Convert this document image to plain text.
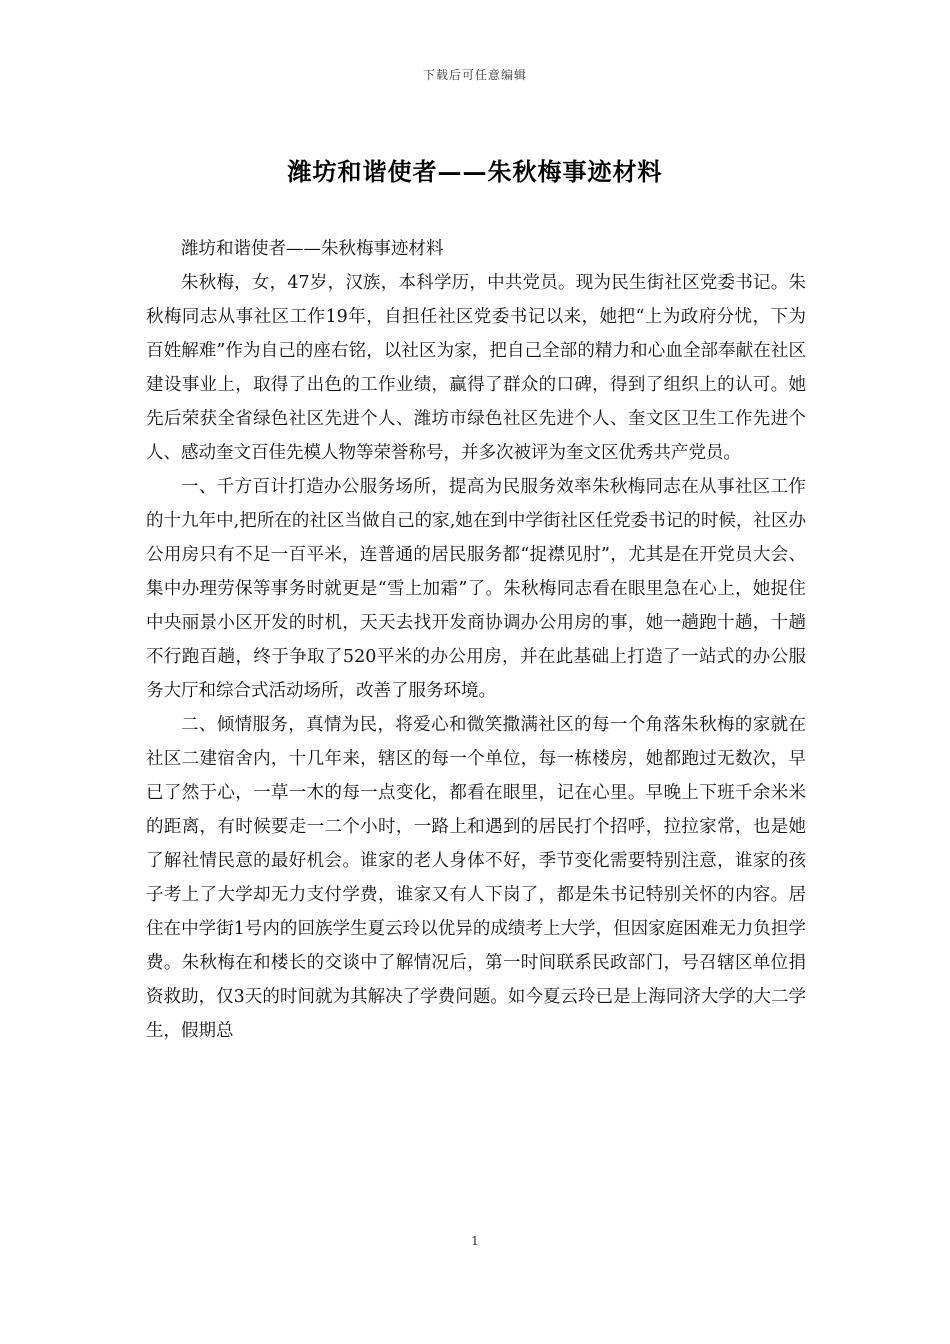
下载后可任意编辑
潍坊和谐使者——朱秋梅事迹材料

潍坊和谐使者——朱秋梅事迹材料

朱秋梅，女，47岁，汉族，本科学历，中共党员。现为民生街社区党委书记。朱秋梅同志从事社区工作19年，自担任社区党委书记以来，她把“上为政府分忧，下为百姓解难”作为自己的座右铭，以社区为家，把自己全部的精力和心血全部奉献在社区建设事业上，取得了出色的工作业绩，赢得了群众的口碑，得到了组织上的认可。她先后荣获全省绿色社区先进个人、潍坊市绿色社区先进个人、奎文区卫生工作先进个人、感动奎文百佳先模人物等荣誉称号，并多次被评为奎文区优秀共产党员。

一、千方百计打造办公服务场所，提高为民服务效率朱秋梅同志在从事社区工作的十九年中,把所在的社区当做自己的家,她在到中学街社区任党委书记的时候，社区办公用房只有不足一百平米，连普通的居民服务都“捉襟见肘”，尤其是在开党员大会、集中办理劳保等事务时就更是“雪上加霜”了。朱秋梅同志看在眼里急在心上，她捉住中央丽景小区开发的时机，天天去找开发商协调办公用房的事，她一趟跑十趟，十趟不行跑百趟，终于争取了520平米的办公用房，并在此基础上打造了一站式的办公服务大厅和综合式活动场所，改善了服务环境。

二、倾情服务，真情为民，将爱心和微笑撒满社区的每一个角落朱秋梅的家就在社区二建宿舍内，十几年来，辖区的每一个单位，每一栋楼房，她都跑过无数次，早已了然于心，一草一木的每一点变化，都看在眼里，记在心里。早晚上下班千余米米的距离，有时候要走一二个小时，一路上和遇到的居民打个招呼，拉拉家常，也是她了解社情民意的最好机会。谁家的老人身体不好，季节变化需要特别注意，谁家的孩子考上了大学却无力支付学费，谁家又有人下岗了，都是朱书记特别关怀的内容。居住在中学街1号内的回族学生夏云玲以优异的成绩考上大学，但因家庭困难无力负担学费。朱秋梅在和楼长的交谈中了解情况后，第一时间联系民政部门，号召辖区单位捐资救助，仅3天的时间就为其解决了学费问题。如今夏云玲已是上海同济大学的大二学生，假期总

1
